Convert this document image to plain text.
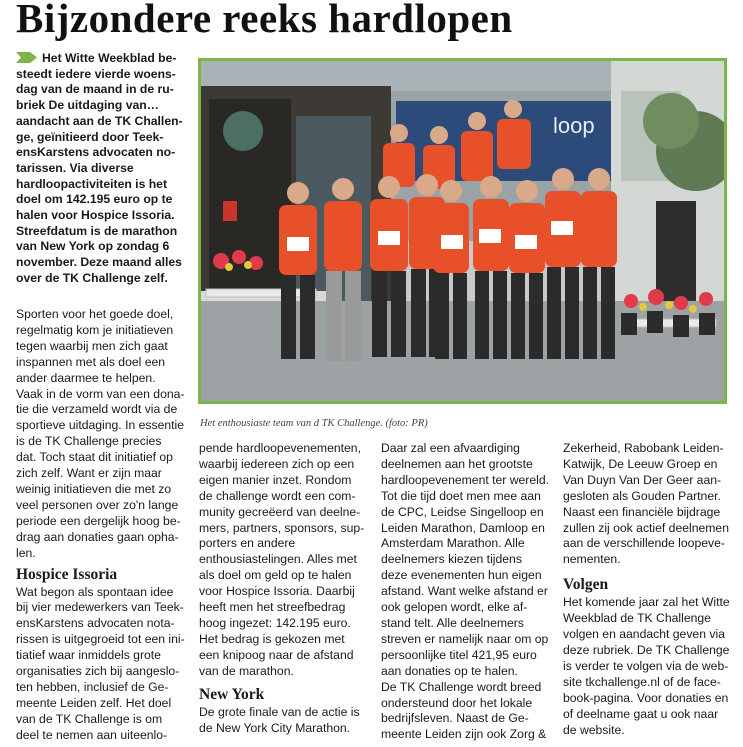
Bijzondere reeks hardlopen

Het Witte Weekblad be-
steedt iedere vierde woens-
dag van de maand in de ru-
briek De uitdaging van…
aandacht aan de TK Challen-
ge, geïnitieerd door Teek-
ensKarstens advocaten no-
tarissen. Via diverse
hardloopactiviteiten is het
doel om 142.195 euro op te
halen voor Hospice Issoria.
Streefdatum is de marathon
van New York op zondag 6
november. Deze maand alles
over de TK Challenge zelf.

loop
Het enthousiaste team van d TK Challenge. (foto: PR)

Sporten voor het goede doel,
regelmatig kom je initiatieven
tegen waarbij men zich gaat
inspannen met als doel een
ander daarmee te helpen.
Vaak in de vorm van een dona-
tie die verzameld wordt via de
sportieve uitdaging. In essentie
is de TK Challenge precies
dat. Toch staat dit initiatief op
zich zelf. Want er zijn maar
weinig initiatieven die met zo
veel personen over zo'n lange
periode een dergelijk hoog be-
drag aan donaties gaan opha-
len.

Hospice Issoria

Wat begon als spontaan idee
bij vier medewerkers van Teek-
ensKarstens advocaten nota-
rissen is uitgegroeid tot een ini-
tiatief waar inmiddels grote
organisaties zich bij aangeslo-
ten hebben, inclusief de Ge-
meente Leiden zelf. Het doel
van de TK Challenge is om
deel te nemen aan uiteenlo-

pende hardloopevenementen,
waarbij iedereen zich op een
eigen manier inzet. Rondom
de challenge wordt een com-
munity gecreëerd van deelne-
mers, partners, sponsors, sup-
porters en andere
enthousiastelingen. Alles met
als doel om geld op te halen
voor Hospice Issoria. Daarbij
heeft men het streefbedrag
hoog ingezet: 142.195 euro.
Het bedrag is gekozen met
een knipoog naar de afstand
van de marathon.

New York

De grote finale van de actie is
de New York City Marathon.

Daar zal een afvaardiging
deelnemen aan het grootste
hardloopevenement ter wereld.
Tot die tijd doet men mee aan
de CPC, Leidse Singelloop en
Leiden Marathon, Damloop en
Amsterdam Marathon. Alle
deelnemers kiezen tijdens
deze evenementen hun eigen
afstand. Want welke afstand er
ook gelopen wordt, elke af-
stand telt. Alle deelnemers
streven er namelijk naar om op
persoonlijke titel 421,95 euro
aan donaties op te halen.
De TK Challenge wordt breed
ondersteund door het lokale
bedrijfsleven. Naast de Ge-
meente Leiden zijn ook Zorg &

Zekerheid, Rabobank Leiden-
Katwijk, De Leeuw Groep en
Van Duyn Van Der Geer aan-
gesloten als Gouden Partner.
Naast een financiële bijdrage
zullen zij ook actief deelnemen
aan de verschillende loopeve-
nementen.

Volgen

Het komende jaar zal het Witte
Weekblad de TK Challenge
volgen en aandacht geven via
deze rubriek. De TK Challenge
is verder te volgen via de web-
site tkchallenge.nl of de face-
book-pagina. Voor donaties en
of deelname gaat u ook naar
de website.
